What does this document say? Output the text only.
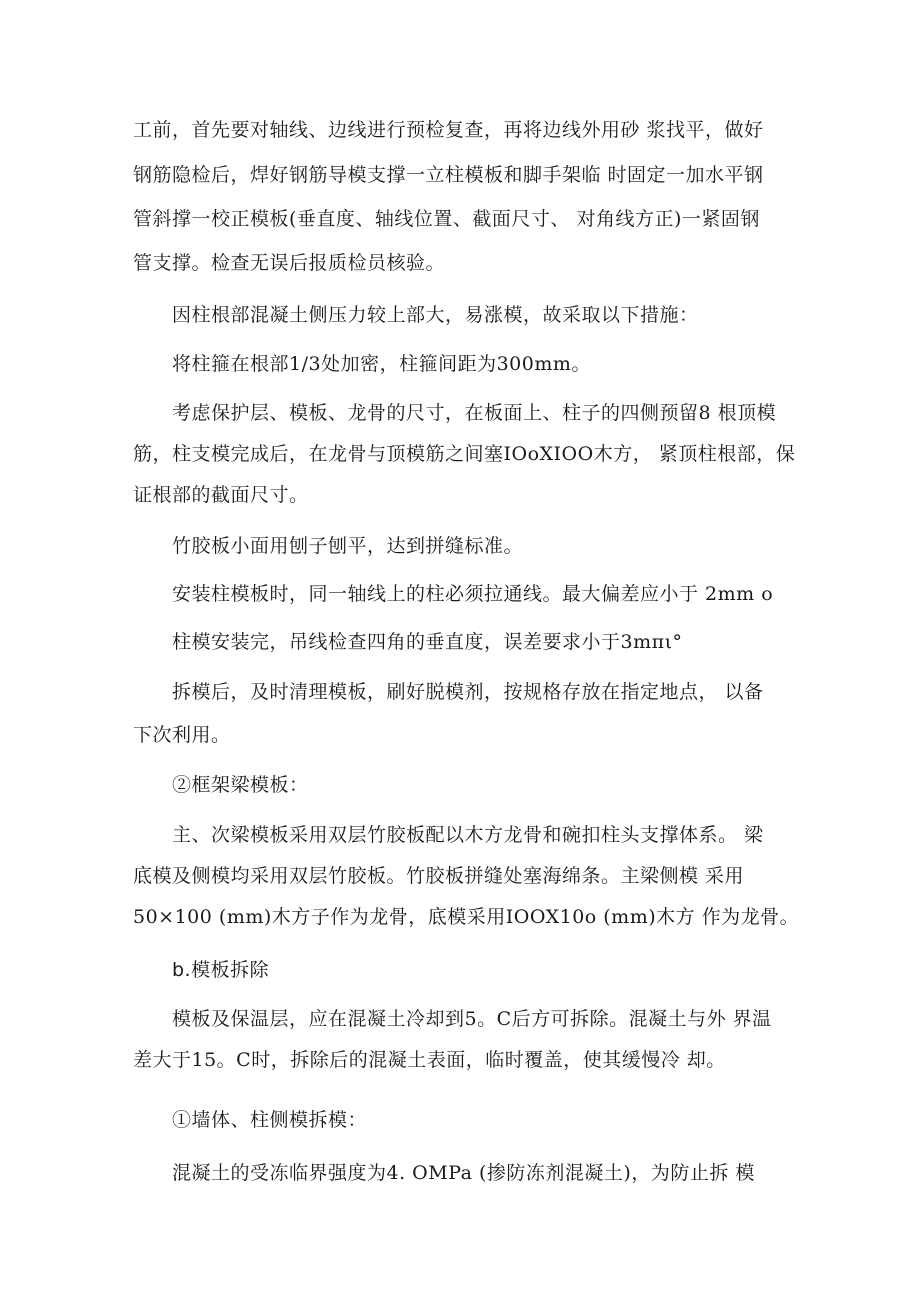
工前，首先要对轴线、边线进行预检复查，再将边线外用砂 浆找平，做好
钢筋隐检后，焊好钢筋导模支撑一立柱模板和脚手架临 时固定一加水平钢
管斜撑一校正模板(垂直度、轴线位置、截面尺寸、 对角线方正)一紧固钢
管支撑。检查无误后报质检员核验。
因柱根部混凝土侧压力较上部大，易涨模，故采取以下措施：
将柱箍在根部1/3处加密，柱箍间距为300mm。
考虑保护层、模板、龙骨的尺寸，在板面上、柱子的四侧预留8 根顶模
筋，柱支模完成后，在龙骨与顶模筋之间塞IOoXIOO木方， 紧顶柱根部，保
证根部的截面尺寸。
竹胶板小面用刨子刨平，达到拼缝标准。
安装柱模板时，同一轴线上的柱必须拉通线。最大偏差应小于 2mm o
柱模安装完，吊线检查四角的垂直度，误差要求小于3mπι°
拆模后，及时清理模板，刷好脱模剂，按规格存放在指定地点， 以备
下次利用。
②框架梁模板：
主、次梁模板采用双层竹胶板配以木方龙骨和碗扣柱头支撑体系。 梁
底模及侧模均采用双层竹胶板。竹胶板拼缝处塞海绵条。主梁侧模 采用
50×100 (mm)木方子作为龙骨，底模采用IOOX10o (mm)木方 作为龙骨。
b.模板拆除
模板及保温层，应在混凝土冷却到5。C后方可拆除。混凝土与外 界温
差大于15。C时，拆除后的混凝土表面，临时覆盖，使其缓慢冷 却。
①墙体、柱侧模拆模：
混凝土的受冻临界强度为4. OMPa (掺防冻剂混凝土)，为防止拆 模
